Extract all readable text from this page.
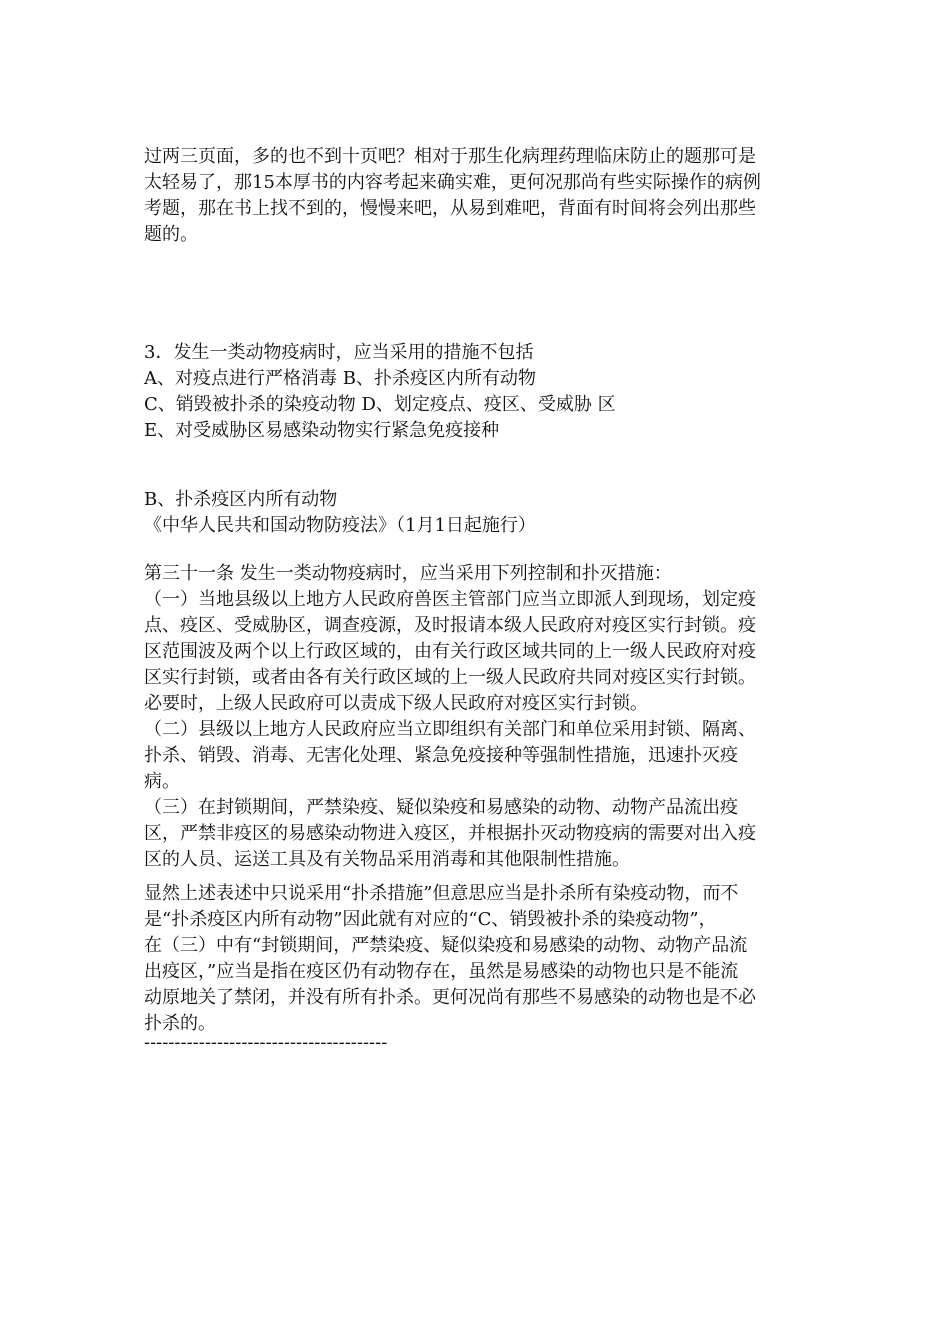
过两三页面，多的也不到十页吧？相对于那生化病理药理临床防止的题那可是
太轻易了，那15本厚书的内容考起来确实难，更何况那尚有些实际操作的病例
考题，那在书上找不到的，慢慢来吧，从易到难吧，背面有时间将会列出那些
题的。
3．发生一类动物疫病时，应当采用的措施不包括
A、对疫点进行严格消毒 B、扑杀疫区内所有动物
C、销毁被扑杀的染疫动物 D、划定疫点、疫区、受威胁 区
E、对受威胁区易感染动物实行紧急免疫接种
B、扑杀疫区内所有动物
《中华人民共和国动物防疫法》（1月1日起施行）
第三十一条 发生一类动物疫病时，应当采用下列控制和扑灭措施：
（一）当地县级以上地方人民政府兽医主管部门应当立即派人到现场，划定疫
点、疫区、受威胁区，调查疫源，及时报请本级人民政府对疫区实行封锁。疫
区范围波及两个以上行政区域的，由有关行政区域共同的上一级人民政府对疫
区实行封锁，或者由各有关行政区域的上一级人民政府共同对疫区实行封锁。
必要时，上级人民政府可以责成下级人民政府对疫区实行封锁。
（二）县级以上地方人民政府应当立即组织有关部门和单位采用封锁、隔离、
扑杀、销毁、消毒、无害化处理、紧急免疫接种等强制性措施，迅速扑灭疫
病。
（三）在封锁期间，严禁染疫、疑似染疫和易感染的动物、动物产品流出疫
区，严禁非疫区的易感染动物进入疫区，并根据扑灭动物疫病的需要对出入疫
区的人员、运送工具及有关物品采用消毒和其他限制性措施。
显然上述表述中只说采用“扑杀措施”但意思应当是扑杀所有染疫动物，而不
是“扑杀疫区内所有动物”因此就有对应的“C、销毁被扑杀的染疫动物”，
在（三）中有“封锁期间，严禁染疫、疑似染疫和易感染的动物、动物产品流
出疫区，”应当是指在疫区仍有动物存在，虽然是易感染的动物也只是不能流
动原地关了禁闭，并没有所有扑杀。更何况尚有那些不易感染的动物也是不必
扑杀的。
----------------------------------------
